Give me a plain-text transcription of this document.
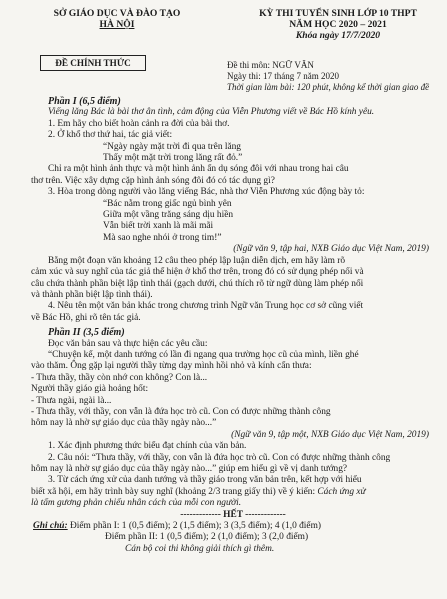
SỞ GIÁO DỤC VÀ ĐÀO TẠO
HÀ NỘI
KỲ THI TUYỂN SINH LỚP 10 THPT
NĂM HỌC 2020 – 2021
Khóa ngày 17/7/2020
ĐỀ CHÍNH THỨC	Đề thi môn: NGỮ VĂN
Ngày thi: 17 tháng 7 năm 2020
Thời gian làm bài: 120 phút, không kể thời gian giao đề

Phần I (6,5 điểm)

Viếng lăng Bác là bài thơ ân tình, cảm động của Viễn Phương viết về Bác Hồ kính yêu.

1. Em hãy cho biết hoàn cảnh ra đời của bài thơ.

2. Ở khổ thơ thứ hai, tác giả viết:

“Ngày ngày mặt trời đi qua trên lăng

Thấy một mặt trời trong lăng rất đỏ.”

Chỉ ra một hình ảnh thực và một hình ảnh ẩn dụ sóng đôi với nhau trong hai câu

thơ trên. Việc xây dựng cặp hình ảnh sóng đôi đó có tác dụng gì?

3. Hòa trong dòng người vào lăng viếng Bác, nhà thơ Viễn Phương xúc động bày tỏ:

“Bác nằm trong giấc ngủ bình yên

Giữa một vầng trăng sáng dịu hiền

Vẫn biết trời xanh là mãi mãi

Mà sao nghe nhói ở trong tim!”

(Ngữ văn 9, tập hai, NXB Giáo dục Việt Nam, 2019)

Bằng một đoạn văn khoảng 12 câu theo phép lập luận diễn dịch, em hãy làm rõ

cảm xúc và suy nghĩ của tác giả thể hiện ở khổ thơ trên, trong đó có sử dụng phép nối và

câu chứa thành phần biệt lập tình thái (gạch dưới, chú thích rõ từ ngữ dùng làm phép nối

và thành phần biệt lập tình thái).

4. Nêu tên một văn bản khác trong chương trình Ngữ văn Trung học cơ sở cũng viết

về Bác Hồ, ghi rõ tên tác giả.

Phần II (3,5 điểm)

Đọc văn bản sau và thực hiện các yêu cầu:

“Chuyện kể, một danh tướng có lần đi ngang qua trường học cũ của mình, liền ghé

vào thăm. Ông gặp lại người thầy từng dạy mình hồi nhỏ và kính cẩn thưa:

- Thưa thầy, thầy còn nhớ con không? Con là...

Người thầy giáo già hoảng hốt:

- Thưa ngài, ngài là...

- Thưa thầy, với thầy, con vẫn là đứa học trò cũ. Con có được những thành công

hôm nay là nhờ sự giáo dục của thầy ngày nào...”

(Ngữ văn 9, tập một, NXB Giáo dục Việt Nam, 2019)

1. Xác định phương thức biểu đạt chính của văn bản.

2. Câu nói: “Thưa thầy, với thầy, con vẫn là đứa học trò cũ. Con có được những thành công

hôm nay là nhờ sự giáo dục của thầy ngày nào...” giúp em hiểu gì về vị danh tướng?

3. Từ cách ứng xử của danh tướng và thầy giáo trong văn bản trên, kết hợp với hiểu

biết xã hội, em hãy trình bày suy nghĩ (khoảng 2/3 trang giấy thi) về ý kiến: Cách ứng xử

là tấm gương phản chiếu nhân cách của mỗi con người.

------------- HẾT -------------

Ghi chú: Điểm phần I: 1 (0,5 điểm); 2 (1,5 điểm); 3 (3,5 điểm); 4 (1,0 điểm)

Điểm phần II: 1 (0,5 điểm); 2 (1,0 điểm); 3 (2,0 điểm)

Cán bộ coi thi không giải thích gì thêm.
